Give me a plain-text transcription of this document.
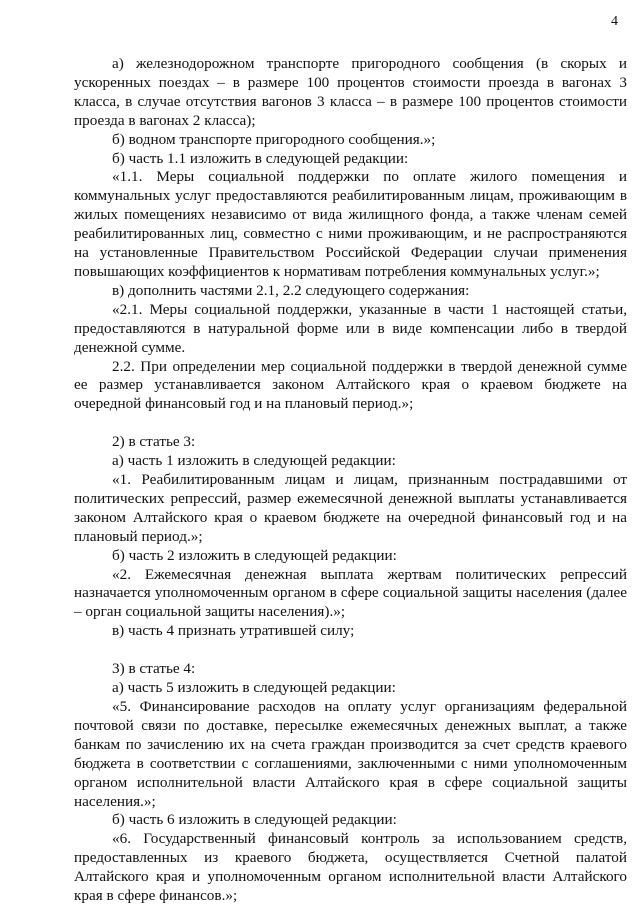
4

а) железнодорожном транспорте пригородного сообщения (в скорых и ускоренных поездах – в размере 100 процентов стоимости проезда в вагонах 3 класса, в случае отсутствия вагонов 3 класса – в размере 100 процентов стоимости проезда в вагонах 2 класса);

б) водном транспорте пригородного сообщения.»;

б) часть 1.1 изложить в следующей редакции:

«1.1. Меры социальной поддержки по оплате жилого помещения и коммунальных услуг предоставляются реабилитированным лицам, проживающим в жилых помещениях независимо от вида жилищного фонда, а также членам семей реабилитированных лиц, совместно с ними проживающим, и не распространяются на установленные Правительством Российской Федерации случаи применения повышающих коэффициентов к нормативам потребления коммунальных услуг.»;

в) дополнить частями 2.1, 2.2 следующего содержания:

«2.1. Меры социальной поддержки, указанные в части 1 настоящей статьи, предоставляются в натуральной форме или в виде компенсации либо в твердой денежной сумме.

2.2. При определении мер социальной поддержки в твердой денежной сумме ее размер устанавливается законом Алтайского края о краевом бюджете на очередной финансовый год и на плановый период.»;

2) в статье 3:

а) часть 1 изложить в следующей редакции:

«1. Реабилитированным лицам и лицам, признанным пострадавшими от политических репрессий, размер ежемесячной денежной выплаты устанавливается законом Алтайского края о краевом бюджете на очередной финансовый год и на плановый период.»;

б) часть 2 изложить в следующей редакции:

«2. Ежемесячная денежная выплата жертвам политических репрессий назначается уполномоченным органом в сфере социальной защиты населения (далее – орган социальной защиты населения).»;

в) часть 4 признать утратившей силу;

3) в статье 4:

а) часть 5 изложить в следующей редакции:

«5. Финансирование расходов на оплату услуг организациям федеральной почтовой связи по доставке, пересылке ежемесячных денежных выплат, а также банкам по зачислению их на счета граждан производится за счет средств краевого бюджета в соответствии с соглашениями, заключенными с ними уполномоченным органом исполнительной власти Алтайского края в сфере социальной защиты населения.»;

б) часть 6 изложить в следующей редакции:

«6. Государственный финансовый контроль за использованием средств, предоставленных из краевого бюджета, осуществляется Счетной палатой Алтайского края и уполномоченным органом исполнительной власти Алтайского края в сфере финансов.»;
